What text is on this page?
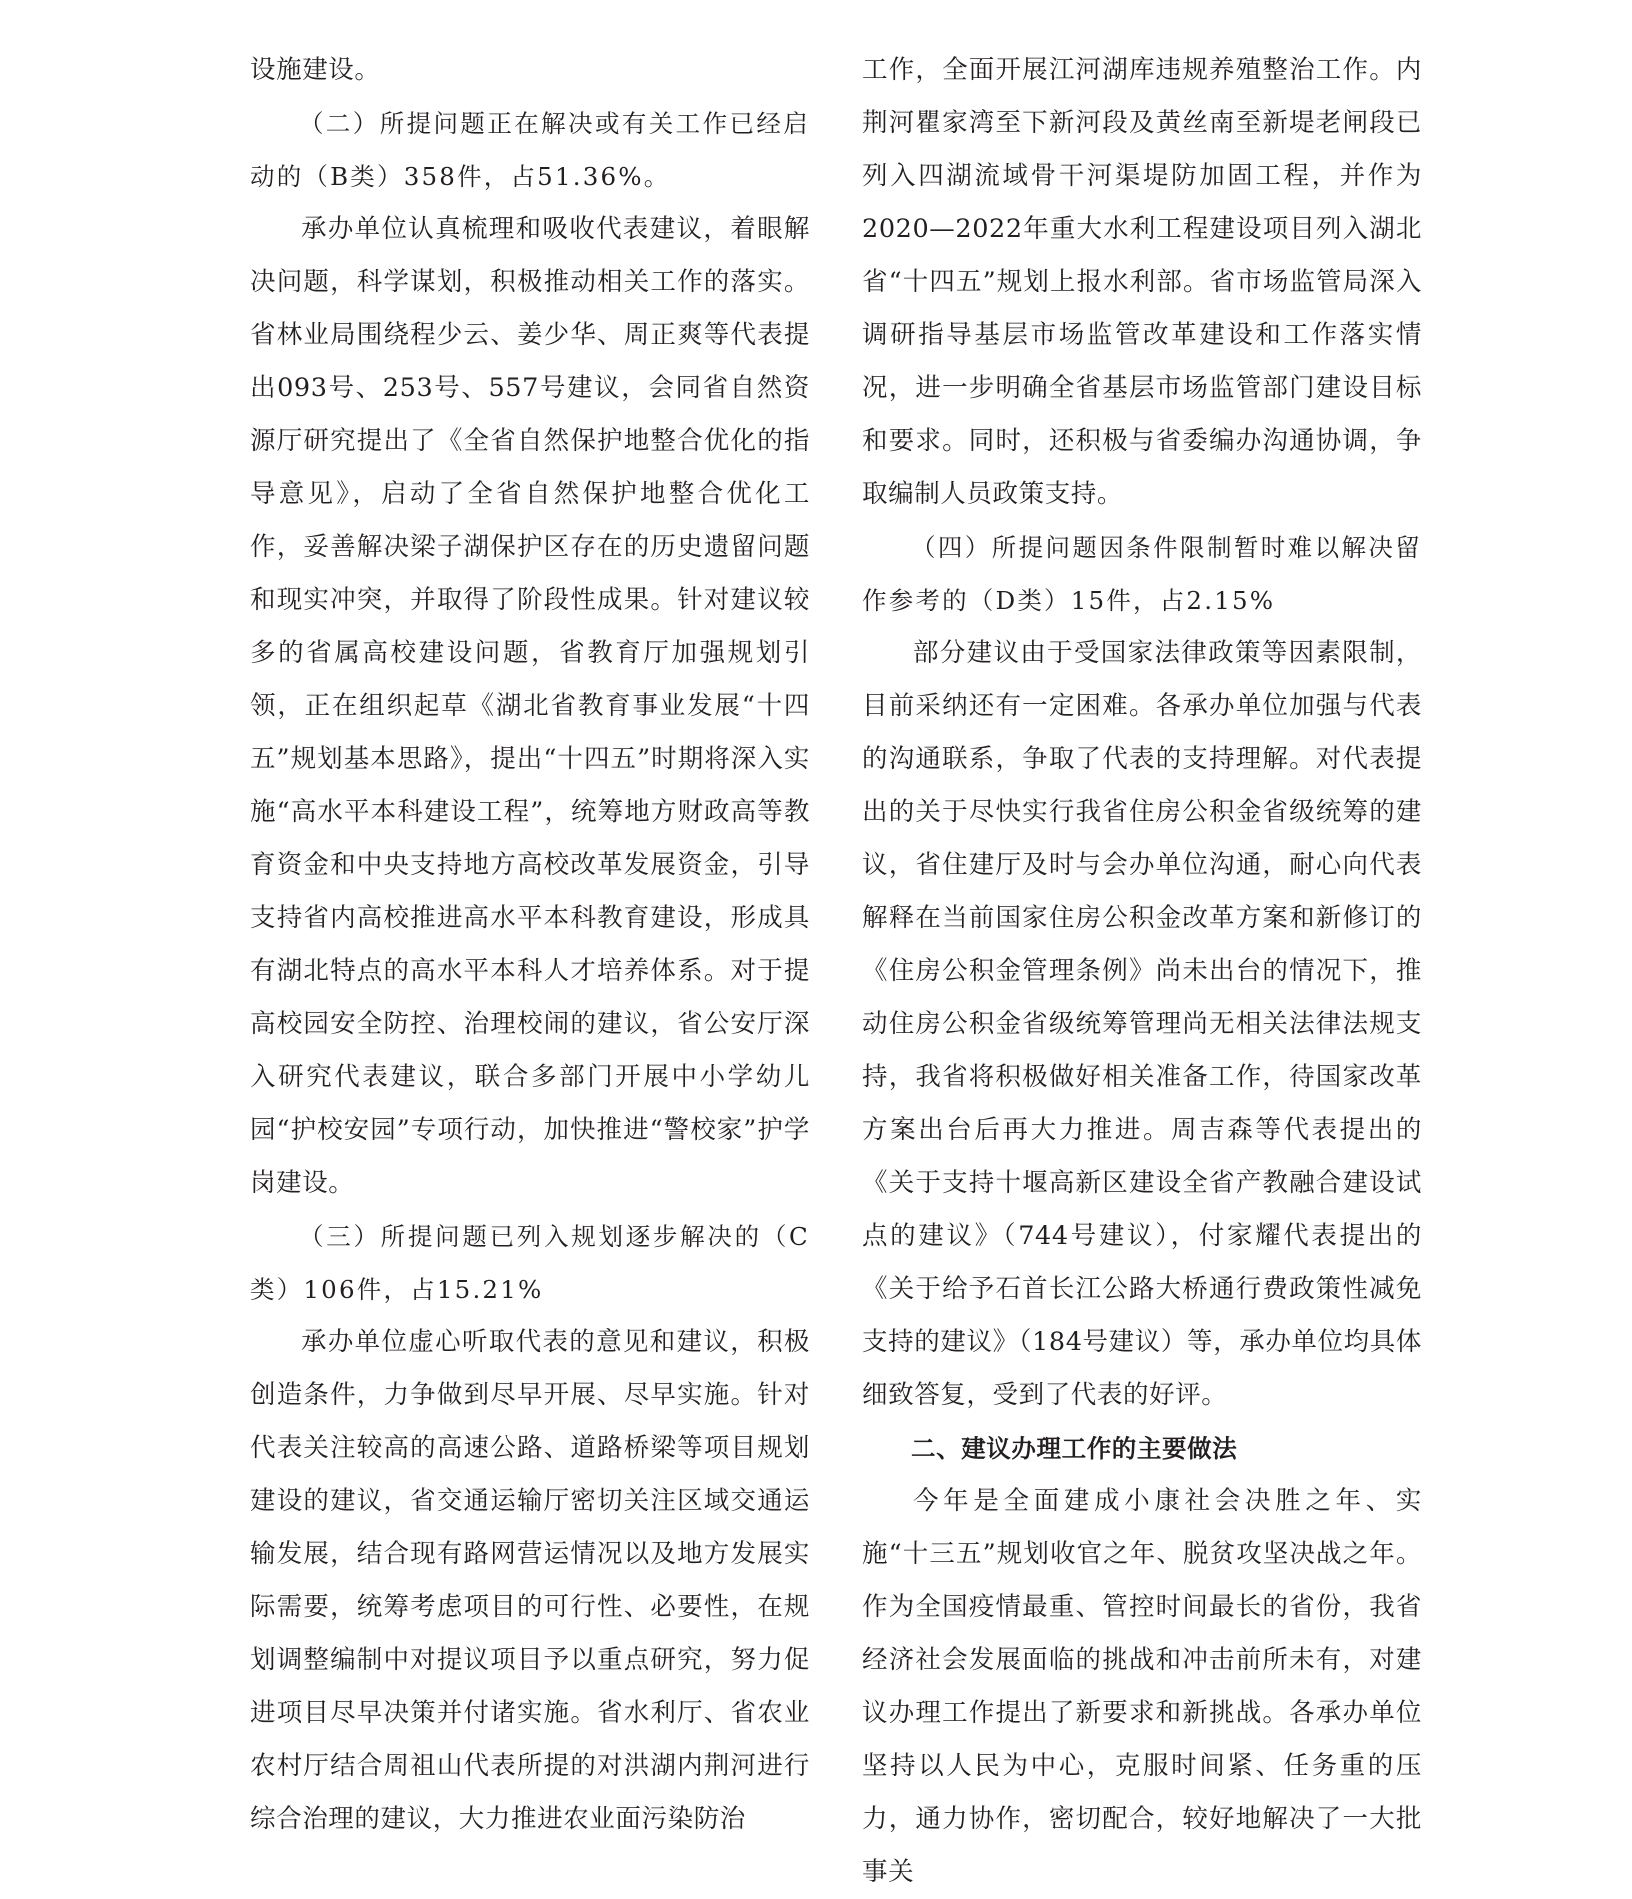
设施建设。

（二）所提问题正在解决或有关工作已经启动的（B类）358件，占51.36%。

承办单位认真梳理和吸收代表建议，着眼解决问题，科学谋划，积极推动相关工作的落实。省林业局围绕程少云、姜少华、周正爽等代表提出093号、253号、557号建议，会同省自然资源厅研究提出了《全省自然保护地整合优化的指导意见》，启动了全省自然保护地整合优化工作，妥善解决梁子湖保护区存在的历史遗留问题和现实冲突，并取得了阶段性成果。针对建议较多的省属高校建设问题，省教育厅加强规划引领，正在组织起草《湖北省教育事业发展“十四五”规划基本思路》，提出“十四五”时期将深入实施“高水平本科建设工程”，统筹地方财政高等教育资金和中央支持地方高校改革发展资金，引导支持省内高校推进高水平本科教育建设，形成具有湖北特点的高水平本科人才培养体系。对于提高校园安全防控、治理校闹的建议，省公安厅深入研究代表建议，联合多部门开展中小学幼儿园“护校安园”专项行动，加快推进“警校家”护学岗建设。

（三）所提问题已列入规划逐步解决的（C类）106件，占15.21%

承办单位虚心听取代表的意见和建议，积极创造条件，力争做到尽早开展、尽早实施。针对代表关注较高的高速公路、道路桥梁等项目规划建设的建议，省交通运输厅密切关注区域交通运输发展，结合现有路网营运情况以及地方发展实际需要，统筹考虑项目的可行性、必要性，在规划调整编制中对提议项目予以重点研究，努力促进项目尽早决策并付诸实施。省水利厅、省农业农村厅结合周祖山代表所提的对洪湖内荆河进行综合治理的建议，大力推进农业面污染防治

工作，全面开展江河湖库违规养殖整治工作。内荆河瞿家湾至下新河段及黄丝南至新堤老闸段已列入四湖流域骨干河渠堤防加固工程，并作为2020—2022年重大水利工程建设项目列入湖北省“十四五”规划上报水利部。省市场监管局深入调研指导基层市场监管改革建设和工作落实情况，进一步明确全省基层市场监管部门建设目标和要求。同时，还积极与省委编办沟通协调，争取编制人员政策支持。

（四）所提问题因条件限制暂时难以解决留作参考的（D类）15件，占2.15%

部分建议由于受国家法律政策等因素限制，目前采纳还有一定困难。各承办单位加强与代表的沟通联系，争取了代表的支持理解。对代表提出的关于尽快实行我省住房公积金省级统筹的建议，省住建厅及时与会办单位沟通，耐心向代表解释在当前国家住房公积金改革方案和新修订的《住房公积金管理条例》尚未出台的情况下，推动住房公积金省级统筹管理尚无相关法律法规支持，我省将积极做好相关准备工作，待国家改革方案出台后再大力推进。周吉森等代表提出的《关于支持十堰高新区建设全省产教融合建设试点的建议》（744号建议），付家耀代表提出的《关于给予石首长江公路大桥通行费政策性减免支持的建议》（184号建议）等，承办单位均具体细致答复，受到了代表的好评。

二、建议办理工作的主要做法

今年是全面建成小康社会决胜之年、实施“十三五”规划收官之年、脱贫攻坚决战之年。作为全国疫情最重、管控时间最长的省份，我省经济社会发展面临的挑战和冲击前所未有，对建议办理工作提出了新要求和新挑战。各承办单位坚持以人民为中心，克服时间紧、任务重的压力，通力协作，密切配合，较好地解决了一大批事关
